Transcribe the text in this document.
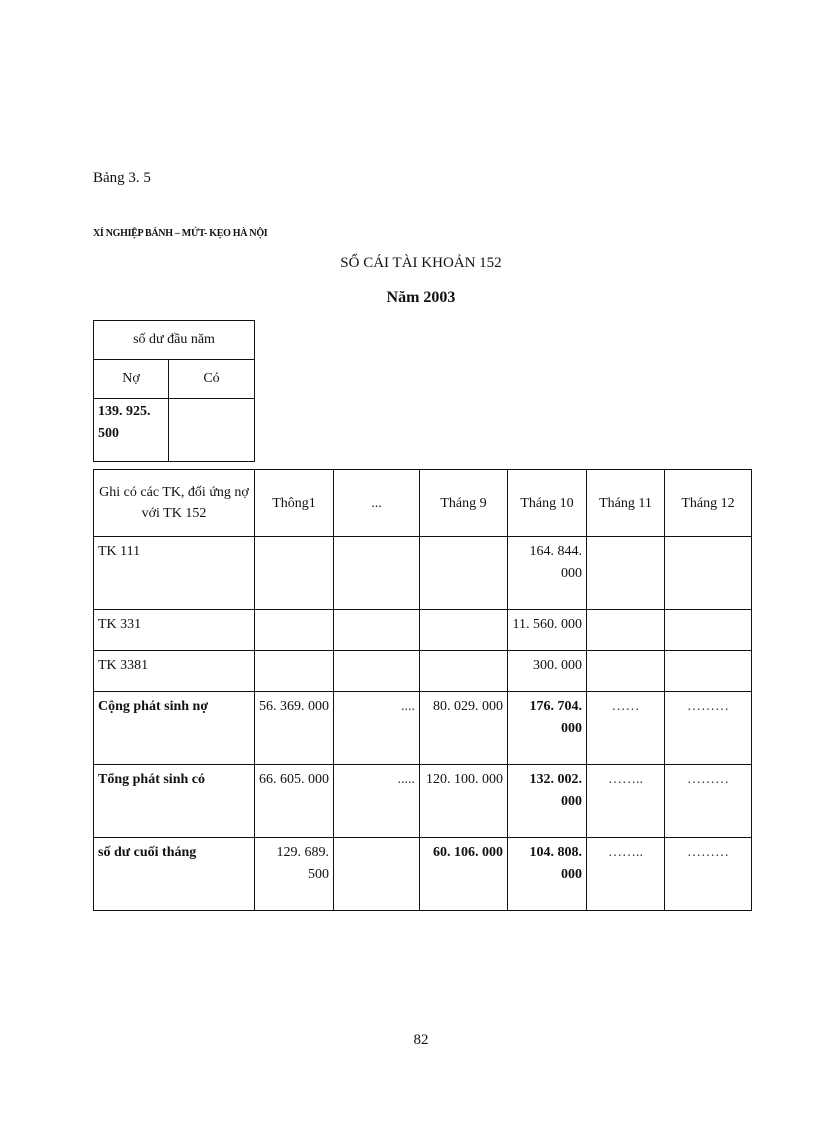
Bảng 3. 5
XÍ NGHIỆP BÁNH – MỨT- KẸO HÀ NỘI
SỔ CÁI TÀI KHOẢN 152
Năm 2003
số dư đầu năm	
Nợ	Có
139. 925. 500	
Ghi có các TK, đối ứng nợ với TK 152	Thông1	...	Tháng 9	Tháng 10	Tháng 11	Tháng 12
TK 111				164. 844. 000		
TK 331				11. 560. 000		
TK 3381				300. 000		
Cộng phát sinh nợ	56. 369. 000	....	80. 029. 000	176. 704. 000	……	………
Tổng phát sinh có	66. 605. 000	.....	120. 100. 000	132. 002. 000	……..	………
số dư cuối tháng	129. 689. 500		60. 106. 000	104. 808. 000	……..	………
82
